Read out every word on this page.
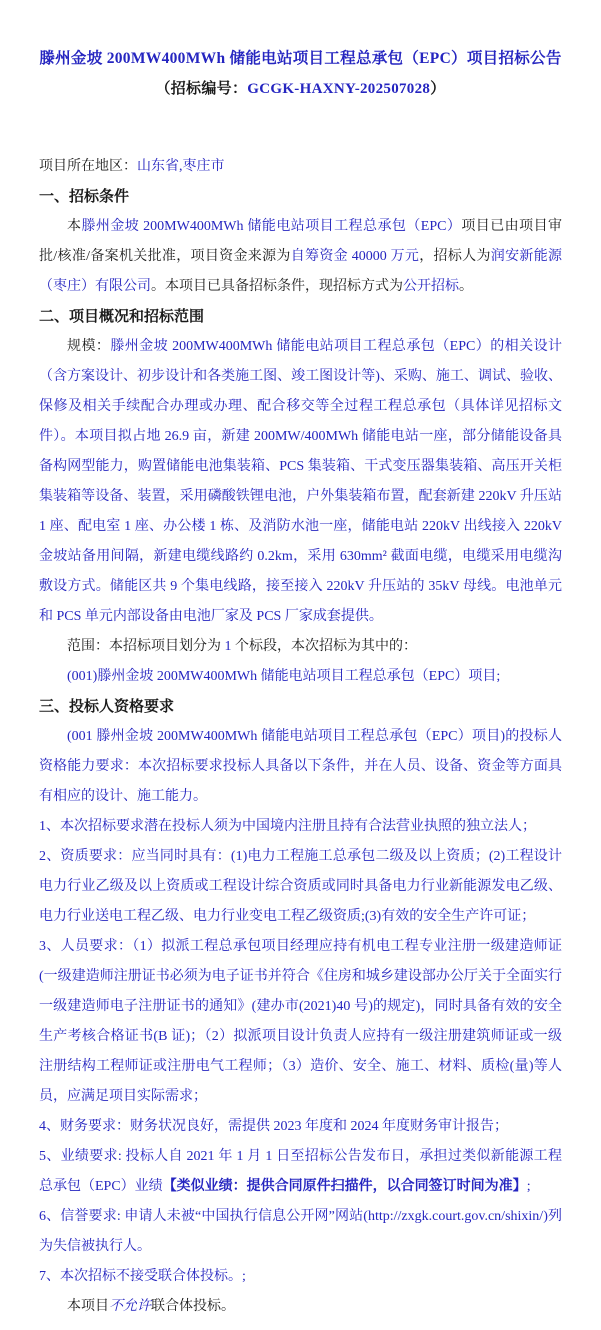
滕州金坡 200MW400MWh 储能电站项目工程总承包（EPC）项目招标公告
（招标编号：GCGK-HAXNY-202507028）
项目所在地区：山东省,枣庄市
一、招标条件
本滕州金坡 200MW400MWh 储能电站项目工程总承包（EPC）项目已由项目审批/核准/备案机关批准，项目资金来源为自筹资金 40000 万元，招标人为润安新能源（枣庄）有限公司。本项目已具备招标条件，现招标方式为公开招标。
二、项目概况和招标范围
规模：滕州金坡 200MW400MWh 储能电站项目工程总承包（EPC）的相关设计（含方案设计、初步设计和各类施工图、竣工图设计等)、采购、施工、调试、验收、保修及相关手续配合办理或办理、配合移交等全过程工程总承包（具体详见招标文件）。本项目拟占地 26.9 亩，新建 200MW/400MWh 储能电站一座，部分储能设备具备构网型能力，购置储能电池集装箱、PCS 集装箱、干式变压器集装箱、高压开关柜集装箱等设备、装置，采用磷酸铁锂电池，户外集装箱布置，配套新建 220kV 升压站 1 座、配电室 1 座、办公楼 1 栋、及消防水池一座，储能电站 220kV 出线接入 220kV 金坡站备用间隔，新建电缆线路约 0.2km，采用 630mm² 截面电缆，电缆采用电缆沟敷设方式。储能区共 9 个集电线路，接至接入 220kV 升压站的 35kV 母线。电池单元和 PCS 单元内部设备由电池厂家及 PCS 厂家成套提供。
范围：本招标项目划分为 1 个标段，本次招标为其中的：
(001)滕州金坡 200MW400MWh 储能电站项目工程总承包（EPC）项目;
三、投标人资格要求
(001 滕州金坡 200MW400MWh 储能电站项目工程总承包（EPC）项目)的投标人资格能力要求：本次招标要求投标人具备以下条件，并在人员、设备、资金等方面具有相应的设计、施工能力。
1、本次招标要求潜在投标人须为中国境内注册且持有合法营业执照的独立法人；
2、资质要求：应当同时具有：(1)电力工程施工总承包二级及以上资质；(2)工程设计电力行业乙级及以上资质或工程设计综合资质或同时具备电力行业新能源发电乙级、电力行业送电工程乙级、电力行业变电工程乙级资质;(3)有效的安全生产许可证；
3、人员要求：（1）拟派工程总承包项目经理应持有机电工程专业注册一级建造师证(一级建造师注册证书必须为电子证书并符合《住房和城乡建设部办公厅关于全面实行一级建造师电子注册证书的通知》(建办市(2021)40 号)的规定)，同时具备有效的安全生产考核合格证书(B 证)；（2）拟派项目设计负责人应持有一级注册建筑师证或一级注册结构工程师证或注册电气工程师；（3）造价、安全、施工、材料、质检(量)等人员，应满足项目实际需求；
4、财务要求：财务状况良好，需提供 2023 年度和 2024 年度财务审计报告；
5、业绩要求: 投标人自 2021 年 1 月 1 日至招标公告发布日，承担过类似新能源工程总承包（EPC）业绩【类似业绩：提供合同原件扫描件，以合同签订时间为准】;
6、信誉要求: 申请人未被“中国执行信息公开网”网站(http://zxgk.court.gov.cn/shixin/)列为失信被执行人。
7、本次招标不接受联合体投标。;
本项目不允许联合体投标。
